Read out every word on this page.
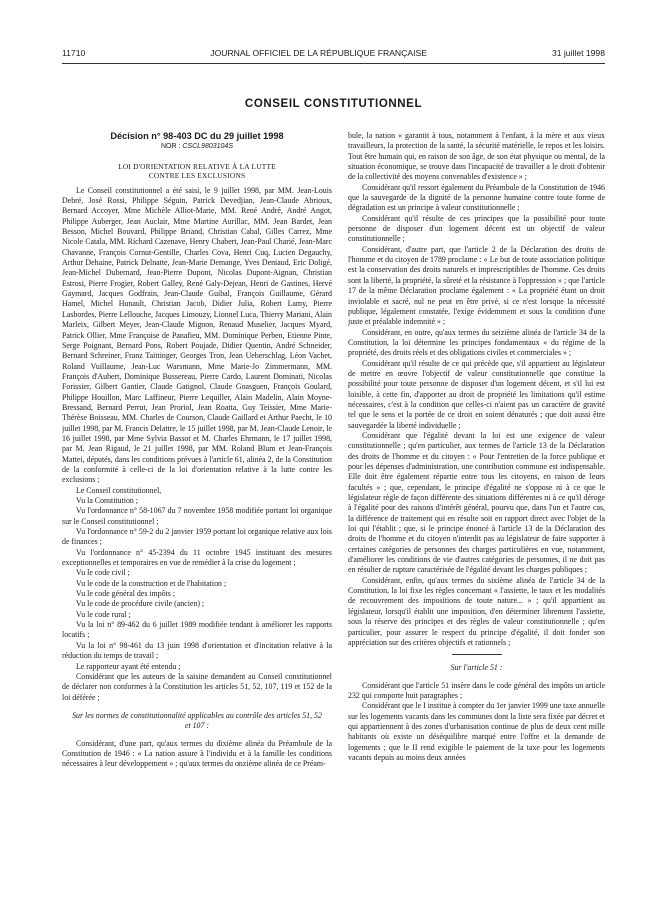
11710	JOURNAL OFFICIEL DE LA RÉPUBLIQUE FRANÇAISE	31 juillet 1998
CONSEIL CONSTITUTIONNEL
Décision n° 98-403 DC du 29 juillet 1998
NOR : CSCL9803104S
LOI D'ORIENTATION RELATIVE À LA LUTTE
CONTRE LES EXCLUSIONS

Le Conseil constitutionnel a été saisi, le 9 juillet 1998, par MM. Jean-Louis Debré, José Rossi, Philippe Séguin, Patrick Devedjian, Jean-Claude Abrioux, Bernard Accoyer, Mme Michèle Alliot-Marie, MM. René André, André Angot, Philippe Auberger, Jean Auclair, Mme Martine Aurillac, MM. Jean Bardet, Jean Besson, Michel Bouvard, Philippe Briand, Christian Cabal, Gilles Carrez, Mme Nicole Catala, MM. Richard Cazenave, Henry Chabert, Jean-Paul Charié, Jean-Marc Chavanne, François Cornut-Gentille, Charles Cova, Henri Cuq, Lucien Degauchy, Arthur Dehaine, Patrick Delnatte, Jean-Marie Demange, Yves Deniaud, Eric Doligé, Jean-Michel Dubernard, Jean-Pierre Dupont, Nicolas Dupont-Aignan, Christian Estrosi, Pierre Frogier, Robert Galley, René Galy-Dejean, Henri de Gastines, Hervé Gaymard, Jacques Godfrain, Jean-Claude Guibal, François Guillaume, Gérard Hamel, Michel Hunault, Christian Jacob, Didier Julia, Robert Lamy, Pierre Lasbordes, Pierre Lellouche, Jacques Limouzy, Lionnel Luca, Thierry Mariani, Alain Marleix, Gilbert Meyer, Jean-Claude Mignon, Renaud Muselier, Jacques Myard, Patrick Ollier, Mme Françoise de Panafieu, MM. Dominique Perben, Etienne Pinte, Serge Poignant, Bernard Pons, Robert Poujade, Didier Quentin, André Schneider, Bernard Schreiner, Franz Taittinger, Georges Tron, Jean Ueberschlag, Léon Vachet, Roland Vuillaume, Jean-Luc Warsmann, Mme Marie-Jo Zimmermann, MM. François d'Aubert, Dominique Bussereau, Pierre Cardo, Laurent Dominati, Nicolas Forissier, Gilbert Gantier, Claude Gatignol, Claude Goasguen, François Goulard, Philippe Houillon, Marc Laffineur, Pierre Lequiller, Alain Madelin, Alain Moyne-Bressand, Bernard Perrut, Jean Proriol, Jean Roatta, Guy Teissier, Mme Marie-Thérèse Boisseau, MM. Charles de Courson, Claude Gaillard et Arthur Paecht, le 10 juillet 1998, par M. Francis Delattre, le 15 juillet 1998, par M. Jean-Claude Lenoir, le 16 juillet 1998, par Mme Sylvia Bassot et M. Charles Ehrmann, le 17 juillet 1998, par M. Jean Rigaud, le 21 juillet 1998, par MM. Roland Blum et Jean-François Mattei, députés, dans les conditions prévues à l'article 61, alinéa 2, de la Constitution de la conformité à celle-ci de la loi d'orientation relative à la lutte contre les exclusions ;

Le Conseil constitutionnel,

Vu la Constitution ;

Vu l'ordonnance n° 58-1067 du 7 novembre 1958 modifiée portant loi organique sur le Conseil constitutionnel ;

Vu l'ordonnance n° 59-2 du 2 janvier 1959 portant loi organique relative aux lois de finances ;

Vu l'ordonnance n° 45-2394 du 11 octobre 1945 instituant des mesures exceptionnelles et temporaires en vue de remédier à la crise du logement ;

Vu le code civil ;

Vu le code de la construction et de l'habitation ;

Vu le code général des impôts ;

Vu le code de procédure civile (ancien) ;

Vu le code rural ;

Vu la loi n° 89-462 du 6 juillet 1989 modifiée tendant à améliorer les rapports locatifs ;

Vu la loi n° 98-461 du 13 juin 1998 d'orientation et d'incitation relative à la réduction du temps de travail ;

Le rapporteur ayant été entendu ;

Considérant que les auteurs de la saisine demandent au Conseil constitutionnel de déclarer non conformes à la Constitution les articles 51, 52, 107, 119 et 152 de la loi déférée ;

Sur les normes de constitutionnalité applicables au contrôle des articles 51, 52 et 107 :

Considérant, d'une part, qu'aux termes du dixième alinéa du Préambule de la Constitution de 1946 : « La nation assure à l'individu et à la famille les conditions nécessaires à leur développement » ; qu'aux termes du onzième alinéa de ce Préam-

bule, la nation « garantit à tous, notamment à l'enfant, à la mère et aux vieux travailleurs, la protection de la santé, la sécurité matérielle, le repos et les loisirs. Tout être humain qui, en raison de son âge, de son état physique ou mental, de la situation économique, se trouve dans l'incapacité de travailler a le droit d'obtenir de la collectivité des moyens convenables d'existence » ;

Considérant qu'il ressort également du Préambule de la Constitution de 1946 que la sauvegarde de la dignité de la personne humaine contre toute forme de dégradation est un principe à valeur constitutionnelle ;

Considérant qu'il résulte de ces principes que la possibilité pour toute personne de disposer d'un logement décent est un objectif de valeur constitutionnelle ;

Considérant, d'autre part, que l'article 2 de la Déclaration des droits de l'homme et du citoyen de 1789 proclame : « Le but de toute association politique est la conservation des droits naturels et imprescriptibles de l'homme. Ces droits sont la liberté, la propriété, la sûreté et la résistance à l'oppression » ; que l'article 17 de la même Déclaration proclame également : « La propriété étant un droit inviolable et sacré, nul ne peut en être privé, si ce n'est lorsque la nécessité publique, légalement constatée, l'exige évidemment et sous la condition d'une juste et préalable indemnité » ;

Considérant, en outre, qu'aux termes du seizième alinéa de l'article 34 de la Constitution, la loi détermine les principes fondamentaux « du régime de la propriété, des droits réels et des obligations civiles et commerciales » ;

Considérant qu'il résulte de ce qui précède que, s'il appartient au législateur de mettre en œuvre l'objectif de valeur constitutionnelle que constitue la possibilité pour toute personne de disposer d'un logement décent, et s'il lui est loisible, à cette fin, d'apporter au droit de propriété les limitations qu'il estime nécessaires, c'est à la condition que celles-ci n'aient pas un caractère de gravité tel que le sens et la portée de ce droit en soient dénaturés ; que doit aussi être sauvegardée la liberté individuelle ;

Considérant que l'égalité devant la loi est une exigence de valeur constitutionnelle ; qu'en particulier, aux termes de l'article 13 de la Déclaration des droits de l'homme et du citoyen : « Pour l'entretien de la force publique et pour les dépenses d'administration, une contribution commune est indispensable. Elle doit être également répartie entre tous les citoyens, en raison de leurs facultés » ; que, cependant, le principe d'égalité ne s'oppose ni à ce que le législateur règle de façon différente des situations différentes ni à ce qu'il déroge à l'égalité pour des raisons d'intérêt général, pourvu que, dans l'un et l'autre cas, la différence de traitement qui en résulte soit en rapport direct avec l'objet de la loi qui l'établit ; que, si le principe énoncé à l'article 13 de la Déclaration des droits de l'homme et du citoyen n'interdit pas au législateur de faire supporter à certaines catégories de personnes des charges particulières en vue, notamment, d'améliorer les conditions de vie d'autres catégories de personnes, il ne doit pas en résulter de rupture caractérisée de l'égalité devant les charges publiques ;

Considérant, enfin, qu'aux termes du sixième alinéa de l'article 34 de la Constitution, la loi fixe les règles concernant « l'assiette, le taux et les modalités de recouvrement des impositions de toute nature... » ; qu'il appartient au législateur, lorsqu'il établit une imposition, d'en déterminer librement l'assiette, sous la réserve des principes et des règles de valeur constitutionnelle ; qu'en particulier, pour assurer le respect du principe d'égalité, il doit fonder son appréciation sur des critères objectifs et rationnels ;

Sur l'article 51 :

Considérant que l'article 51 insère dans le code général des impôts un article 232 qui comporte huit paragraphes ;

Considérant que le I institue à compter du 1er janvier 1999 une taxe annuelle sur les logements vacants dans les communes dont la liste sera fixée par décret et qui appartiennent à des zones d'urbanisation continue de plus de deux cent mille habitants où existe un déséquilibre marqué entre l'offre et la demande de logements ; que le II rend exigible le paiement de la taxe pour les logements vacants depuis au moins deux années
